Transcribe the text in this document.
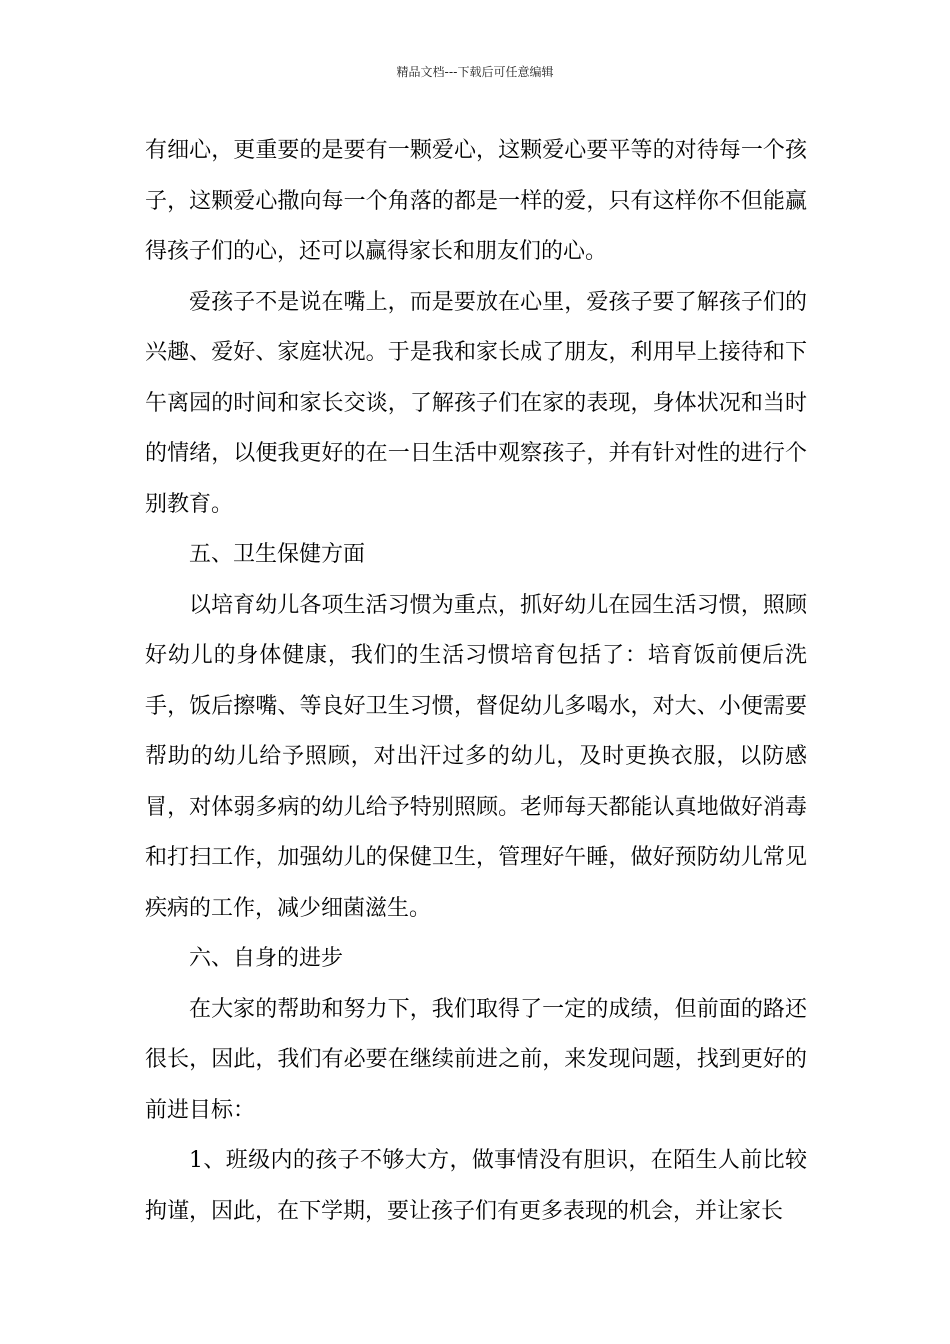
精品文档---下载后可任意编辑

有细心，更重要的是要有一颗爱心，这颗爱心要平等的对待每一个孩子，这颗爱心撒向每一个角落的都是一样的爱，只有这样你不但能赢得孩子们的心，还可以赢得家长和朋友们的心。

爱孩子不是说在嘴上，而是要放在心里，爱孩子要了解孩子们的兴趣、爱好、家庭状况。于是我和家长成了朋友，利用早上接待和下午离园的时间和家长交谈，了解孩子们在家的表现，身体状况和当时的情绪，以便我更好的在一日生活中观察孩子，并有针对性的进行个别教育。

五、卫生保健方面

以培育幼儿各项生活习惯为重点，抓好幼儿在园生活习惯，照顾好幼儿的身体健康，我们的生活习惯培育包括了：培育饭前便后洗手，饭后擦嘴、等良好卫生习惯，督促幼儿多喝水，对大、小便需要帮助的幼儿给予照顾，对出汗过多的幼儿，及时更换衣服，以防感冒，对体弱多病的幼儿给予特别照顾。老师每天都能认真地做好消毒和打扫工作，加强幼儿的保健卫生，管理好午睡，做好预防幼儿常见疾病的工作，减少细菌滋生。

六、自身的进步

在大家的帮助和努力下，我们取得了一定的成绩，但前面的路还很长，因此，我们有必要在继续前进之前，来发现问题，找到更好的前进目标：

1、班级内的孩子不够大方，做事情没有胆识，在陌生人前比较拘谨，因此，在下学期，要让孩子们有更多表现的机会，并让家长
